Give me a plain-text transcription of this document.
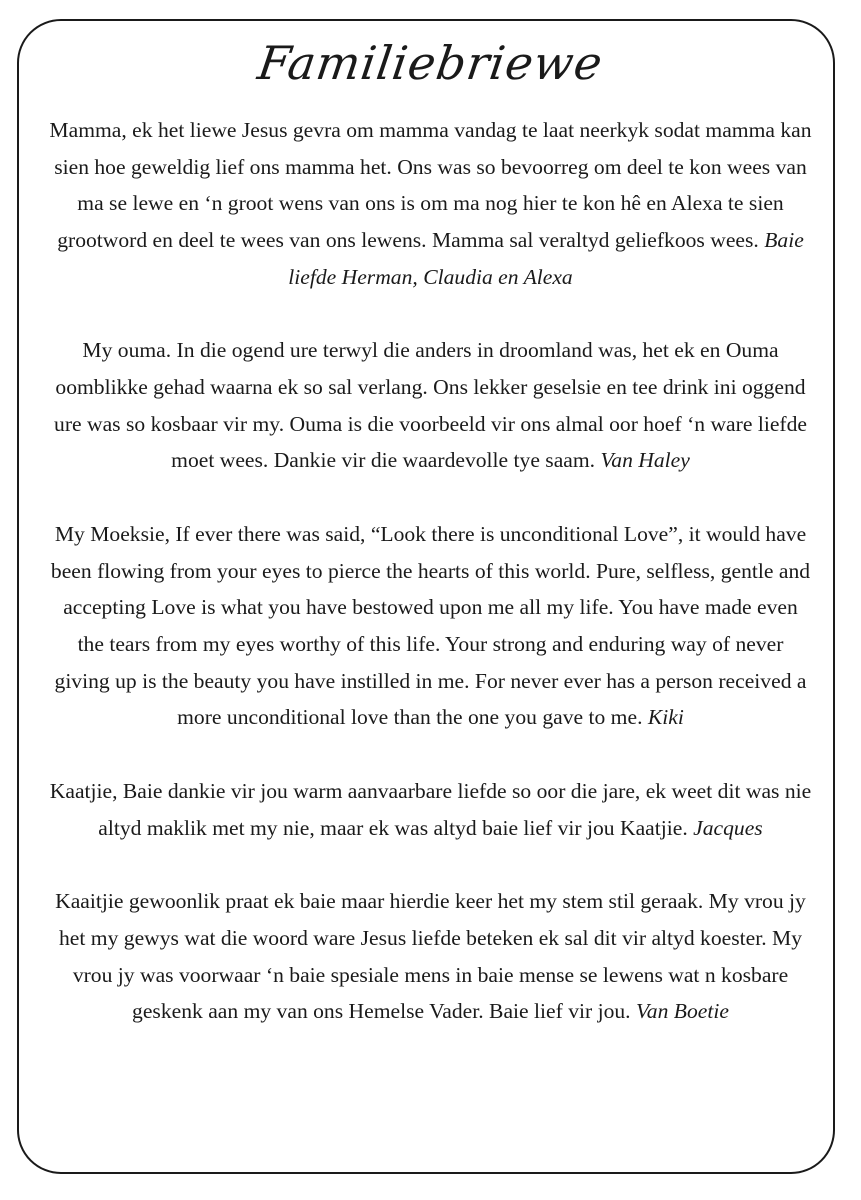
Familiebriewe

Mamma, ek het liewe Jesus gevra om mamma vandag te laat neerkyk sodat mamma kan sien hoe geweldig lief ons mamma het. Ons was so bevoorreg om deel te kon wees van ma se lewe en ‘n groot wens van ons is om ma nog hier te kon hê en Alexa te sien grootword en deel te wees van ons lewens. Mamma sal veraltyd geliefkoos wees. Baie liefde Herman, Claudia en Alexa

My ouma. In die ogend ure terwyl die anders in droomland was, het ek en Ouma oomblikke gehad waarna ek so sal verlang. Ons lekker geselsie en tee drink ini oggend ure was so kosbaar vir my. Ouma is die voorbeeld vir ons almal oor hoef ‘n ware liefde moet wees. Dankie vir die waardevolle tye saam. Van Haley

My Moeksie, If ever there was said, “Look there is unconditional Love”, it would have been flowing from your eyes to pierce the hearts of this world. Pure, selfless, gentle and accepting Love is what you have bestowed upon me all my life. You have made even the tears from my eyes worthy of this life. Your strong and enduring way of never giving up is the beauty you have instilled in me. For never ever has a person received a more unconditional love than the one you gave to me. Kiki

Kaatjie, Baie dankie vir jou warm aanvaarbare liefde so oor die jare, ek weet dit was nie altyd maklik met my nie, maar ek was altyd baie lief vir jou Kaatjie. Jacques

Kaaitjie gewoonlik praat ek baie maar hierdie keer het my stem stil geraak. My vrou jy het my gewys wat die woord ware Jesus liefde beteken ek sal dit vir altyd koester. My vrou jy was voorwaar ‘n baie spesiale mens in baie mense se lewens wat n kosbare geskenk aan my van ons Hemelse Vader. Baie lief vir jou. Van Boetie
